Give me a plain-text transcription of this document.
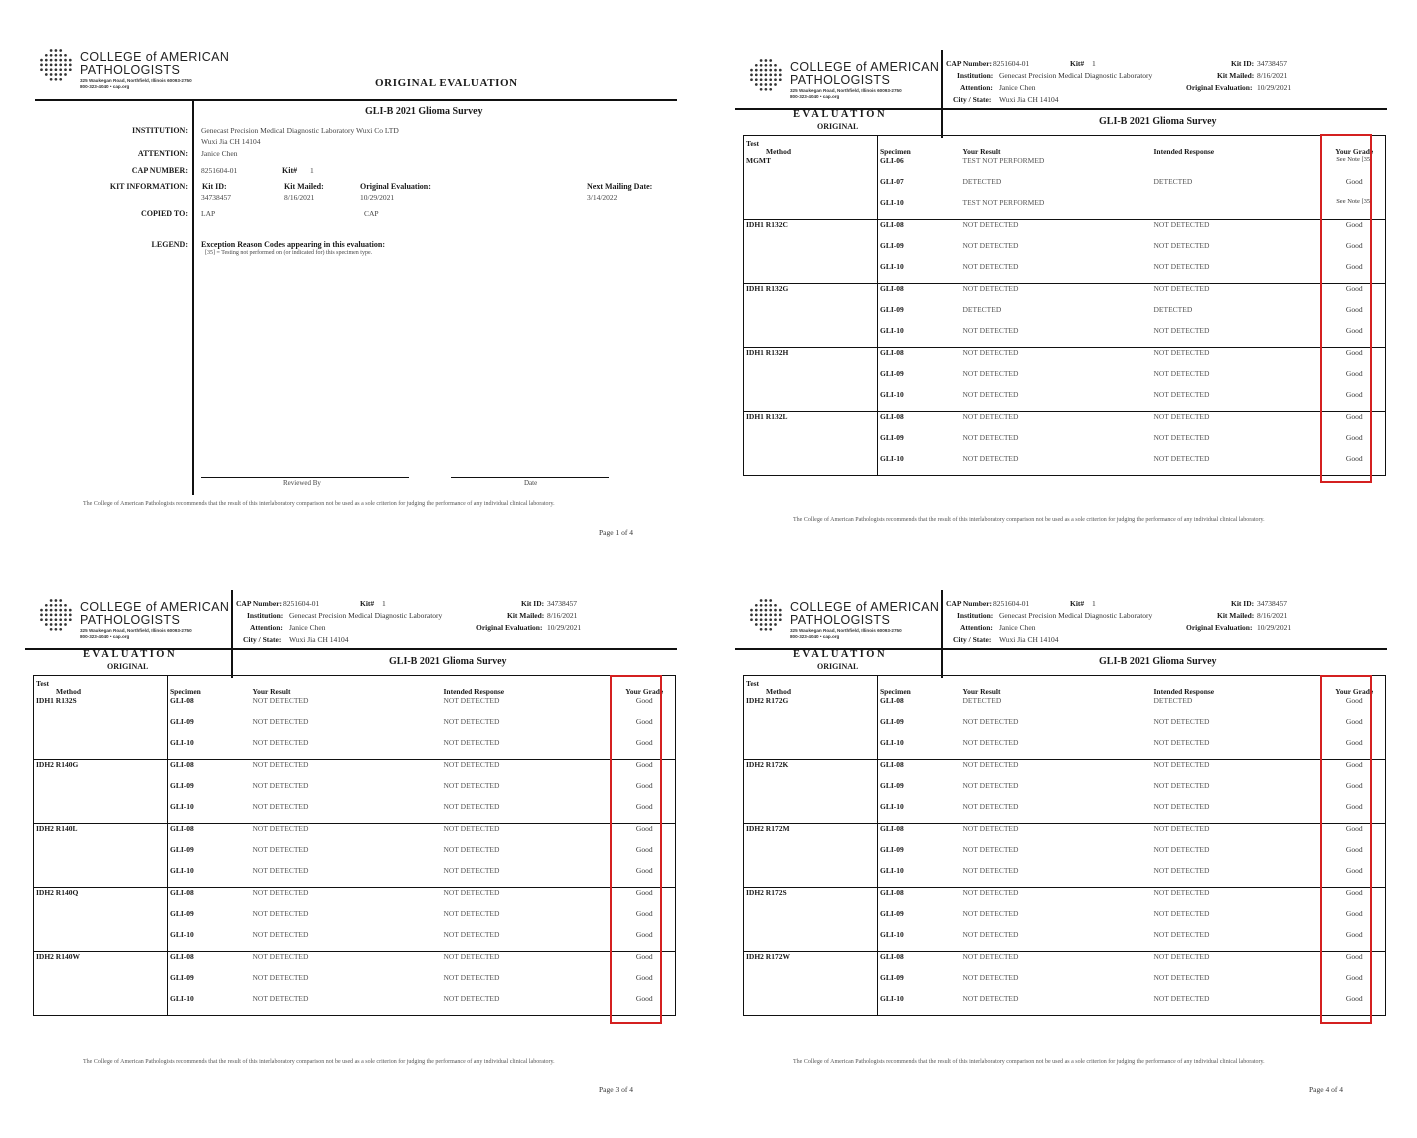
COLLEGE of AMERICAN
PATHOLOGISTS
325 Waukegan Road, Northfield, Illinois 60093-2750
800-323-4040 • cap.org	ORIGINAL EVALUATION
GLI-B 2021 Glioma Survey
INSTITUTION: Genecast Precision Medical Diagnostic Laboratory Wuxi Co LTD
Wuxi Jia CH 14104
ATTENTION: Janice Chen
CAP NUMBER: 8251604-01	Kit# 1
KIT INFORMATION: Kit ID:
34738457
Kit Mailed:
8/16/2021
Original Evaluation:
10/29/2021
Next Mailing Date:
3/14/2022
COPIED TO: LAP	CAP
LEGEND: Exception Reason Codes appearing in this evaluation:
[35] = Testing not performed on (or indicated for) this specimen type.
Reviewed By	Date
The College of American Pathologists recommends that the result of this interlaboratory comparison not be used as a sole criterion for judging the performance of any individual clinical laboratory.
Page 1 of 4
COLLEGE of AMERICAN
PATHOLOGISTS
325 Waukegan Road, Northfield, Illinois 60093-2750
800-323-4040 • cap.org
CAP Number: 8251604-01	Kit# 1	Kit ID: 34738457
Institution: Genecast Precision Medical Diagnostic Laboratory	Kit Mailed: 8/16/2021
Attention: Janice Chen	Original Evaluation: 10/29/2021
City / State: Wuxi Jia CH 14104
EVALUATION
ORIGINAL	GLI-B 2021 Glioma Survey
Test
Method	Specimen	Your Result	Intended Response	Your Grade
MGMT	GLI-06	TEST NOT PERFORMED		See Note [35]
	GLI-07	DETECTED	DETECTED	Good
	GLI-10	TEST NOT PERFORMED		See Note [35]
IDH1 R132C	GLI-08	NOT DETECTED	NOT DETECTED	Good
	GLI-09	NOT DETECTED	NOT DETECTED	Good
	GLI-10	NOT DETECTED	NOT DETECTED	Good
IDH1 R132G	GLI-08	NOT DETECTED	NOT DETECTED	Good
	GLI-09	DETECTED	DETECTED	Good
	GLI-10	NOT DETECTED	NOT DETECTED	Good
IDH1 R132H	GLI-08	NOT DETECTED	NOT DETECTED	Good
	GLI-09	NOT DETECTED	NOT DETECTED	Good
	GLI-10	NOT DETECTED	NOT DETECTED	Good
IDH1 R132L	GLI-08	NOT DETECTED	NOT DETECTED	Good
	GLI-09	NOT DETECTED	NOT DETECTED	Good
	GLI-10	NOT DETECTED	NOT DETECTED	Good
The College of American Pathologists recommends that the result of this interlaboratory comparison not be used as a sole criterion for judging the performance of any individual clinical laboratory.
COLLEGE of AMERICAN
PATHOLOGISTS
325 Waukegan Road, Northfield, Illinois 60093-2750
800-323-4040 • cap.org
CAP Number: 8251604-01	Kit# 1	Kit ID: 34738457
Institution: Genecast Precision Medical Diagnostic Laboratory	Kit Mailed: 8/16/2021
Attention: Janice Chen	Original Evaluation: 10/29/2021
City / State: Wuxi Jia CH 14104
EVALUATION
ORIGINAL	GLI-B 2021 Glioma Survey
Test
Method	Specimen	Your Result	Intended Response	Your Grade
IDH1 R132S	GLI-08	NOT DETECTED	NOT DETECTED	Good
	GLI-09	NOT DETECTED	NOT DETECTED	Good
	GLI-10	NOT DETECTED	NOT DETECTED	Good
IDH2 R140G	GLI-08	NOT DETECTED	NOT DETECTED	Good
	GLI-09	NOT DETECTED	NOT DETECTED	Good
	GLI-10	NOT DETECTED	NOT DETECTED	Good
IDH2 R140L	GLI-08	NOT DETECTED	NOT DETECTED	Good
	GLI-09	NOT DETECTED	NOT DETECTED	Good
	GLI-10	NOT DETECTED	NOT DETECTED	Good
IDH2 R140Q	GLI-08	NOT DETECTED	NOT DETECTED	Good
	GLI-09	NOT DETECTED	NOT DETECTED	Good
	GLI-10	NOT DETECTED	NOT DETECTED	Good
IDH2 R140W	GLI-08	NOT DETECTED	NOT DETECTED	Good
	GLI-09	NOT DETECTED	NOT DETECTED	Good
	GLI-10	NOT DETECTED	NOT DETECTED	Good
The College of American Pathologists recommends that the result of this interlaboratory comparison not be used as a sole criterion for judging the performance of any individual clinical laboratory.
Page 3 of 4
COLLEGE of AMERICAN
PATHOLOGISTS
325 Waukegan Road, Northfield, Illinois 60093-2750
800-323-4040 • cap.org
CAP Number: 8251604-01	Kit# 1	Kit ID: 34738457
Institution: Genecast Precision Medical Diagnostic Laboratory	Kit Mailed: 8/16/2021
Attention: Janice Chen	Original Evaluation: 10/29/2021
City / State: Wuxi Jia CH 14104
EVALUATION
ORIGINAL	GLI-B 2021 Glioma Survey
Test
Method	Specimen	Your Result	Intended Response	Your Grade
IDH2 R172G	GLI-08	DETECTED	DETECTED	Good
	GLI-09	NOT DETECTED	NOT DETECTED	Good
	GLI-10	NOT DETECTED	NOT DETECTED	Good
IDH2 R172K	GLI-08	NOT DETECTED	NOT DETECTED	Good
	GLI-09	NOT DETECTED	NOT DETECTED	Good
	GLI-10	NOT DETECTED	NOT DETECTED	Good
IDH2 R172M	GLI-08	NOT DETECTED	NOT DETECTED	Good
	GLI-09	NOT DETECTED	NOT DETECTED	Good
	GLI-10	NOT DETECTED	NOT DETECTED	Good
IDH2 R172S	GLI-08	NOT DETECTED	NOT DETECTED	Good
	GLI-09	NOT DETECTED	NOT DETECTED	Good
	GLI-10	NOT DETECTED	NOT DETECTED	Good
IDH2 R172W	GLI-08	NOT DETECTED	NOT DETECTED	Good
	GLI-09	NOT DETECTED	NOT DETECTED	Good
	GLI-10	NOT DETECTED	NOT DETECTED	Good
The College of American Pathologists recommends that the result of this interlaboratory comparison not be used as a sole criterion for judging the performance of any individual clinical laboratory.
Page 4 of 4
